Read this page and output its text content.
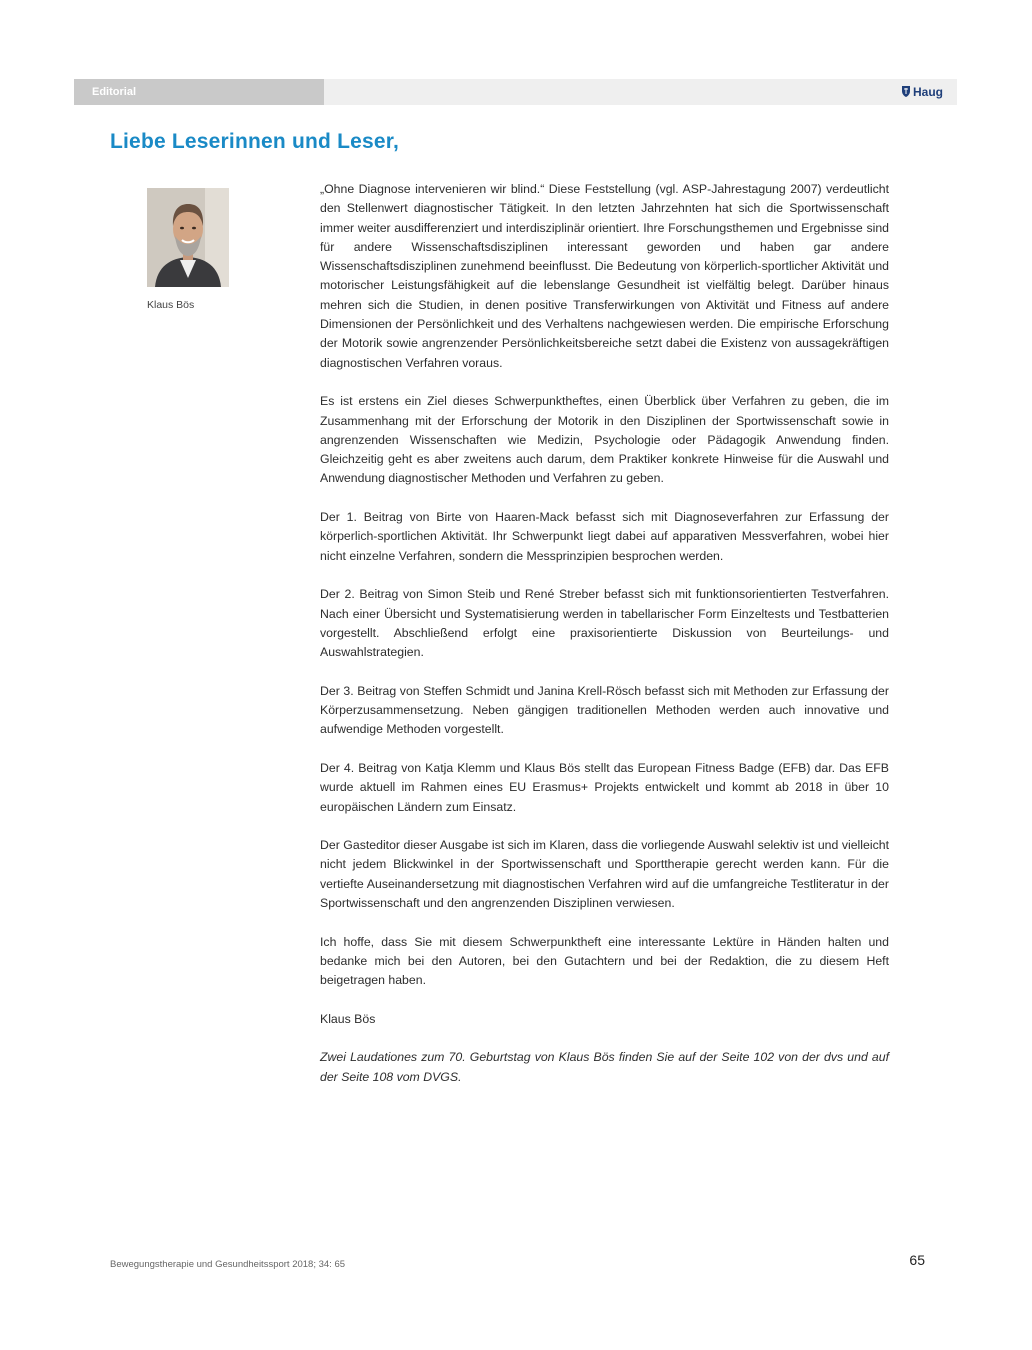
Editorial	Haug
Liebe Leserinnen und Leser,
Klaus Bös

„Ohne Diagnose intervenieren wir blind.“ Diese Feststellung (vgl. ASP-Jahrestagung 2007) verdeutlicht den Stellenwert diagnostischer Tätigkeit. In den letzten Jahrzehnten hat sich die Sportwissenschaft immer weiter ausdifferenziert und interdisziplinär orientiert. Ihre Forschungsthemen und Ergebnisse sind für andere Wissenschaftsdisziplinen interessant geworden und haben gar andere Wissenschaftsdisziplinen zunehmend beeinflusst. Die Bedeutung von körperlich-sportlicher Aktivität und motorischer Leistungsfähigkeit auf die lebenslange Gesundheit ist vielfältig belegt. Darüber hinaus mehren sich die Studien, in denen positive Transferwirkungen von Aktivität und Fitness auf andere Dimensionen der Persönlichkeit und des Verhaltens nachgewiesen werden. Die empirische Erforschung der Motorik sowie angrenzender Persönlichkeitsbereiche setzt dabei die Existenz von aussagekräftigen diagnostischen Verfahren voraus.

Es ist erstens ein Ziel dieses Schwerpunktheftes, einen Überblick über Verfahren zu geben, die im Zusammenhang mit der Erforschung der Motorik in den Disziplinen der Sportwissenschaft sowie in angrenzenden Wissenschaften wie Medizin, Psychologie oder Pädagogik Anwendung finden. Gleichzeitig geht es aber zweitens auch darum, dem Praktiker konkrete Hinweise für die Auswahl und Anwendung diagnostischer Methoden und Verfahren zu geben.

Der 1. Beitrag von Birte von Haaren-Mack befasst sich mit Diagnoseverfahren zur Erfassung der körperlich-sportlichen Aktivität. Ihr Schwerpunkt liegt dabei auf apparativen Messverfahren, wobei hier nicht einzelne Verfahren, sondern die Messprinzipien besprochen werden.

Der 2. Beitrag von Simon Steib und René Streber befasst sich mit funktionsorientierten Testverfahren. Nach einer Übersicht und Systematisierung werden in tabellarischer Form Einzeltests und Testbatterien vorgestellt. Abschließend erfolgt eine praxisorientierte Diskussion von Beurteilungs- und Auswahlstrategien.

Der 3. Beitrag von Steffen Schmidt und Janina Krell-Rösch befasst sich mit Methoden zur Erfassung der Körperzusammensetzung. Neben gängigen traditionellen Methoden werden auch innovative und aufwendige Methoden vorgestellt.

Der 4. Beitrag von Katja Klemm und Klaus Bös stellt das European Fitness Badge (EFB) dar. Das EFB wurde aktuell im Rahmen eines EU Erasmus+ Projekts entwickelt und kommt ab 2018 in über 10 europäischen Ländern zum Einsatz.

Der Gasteditor dieser Ausgabe ist sich im Klaren, dass die vorliegende Auswahl selektiv ist und vielleicht nicht jedem Blickwinkel in der Sportwissenschaft und Sporttherapie gerecht werden kann. Für die vertiefte Auseinandersetzung mit diagnostischen Verfahren wird auf die umfangreiche Testliteratur in der Sportwissenschaft und den angrenzenden Disziplinen verwiesen.

Ich hoffe, dass Sie mit diesem Schwerpunktheft eine interessante Lektüre in Händen halten und bedanke mich bei den Autoren, bei den Gutachtern und bei der Redaktion, die zu diesem Heft beigetragen haben.

Klaus Bös

Zwei Laudationes zum 70. Geburtstag von Klaus Bös finden Sie auf der Seite 102 von der dvs und auf der Seite 108 vom DVGS.

Bewegungstherapie und Gesundheitssport 2018; 34: 65	65
